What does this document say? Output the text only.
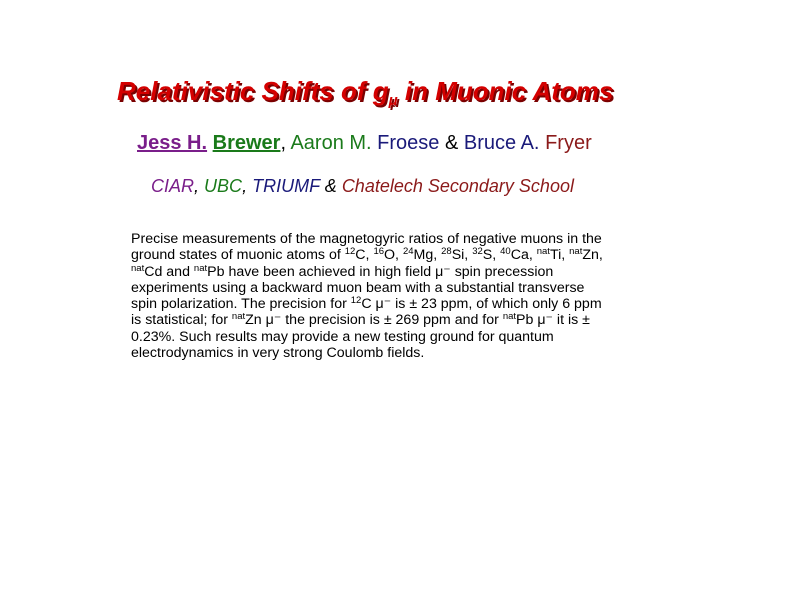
Relativistic Shifts of $g_\mu$ in Muonic Atoms
Jess H. Brewer, Aaron M. Froese & Bruce A. Fryer
CIAR, UBC, TRIUMF & Chatelech Secondary School

Precise measurements of the magnetogyric ratios of negative muons in the

ground states of muonic atoms of $^{12}$C, $^{16}$O, $^{24}$Mg, $^{28}$Si, $^{32}$S, $^{40}$Ca, $^{nat}$Ti, $^{nat}$Zn,

$^{nat}$Cd and $^{nat}$Pb have been achieved in high field μ⁻ spin precession

experiments using a backward muon beam with a substantial transverse

spin polarization. The precision for $^{12}$C μ⁻ is ± 23 ppm, of which only 6 ppm

is statistical; for $^{nat}$Zn μ⁻ the precision is ± 269 ppm and for $^{nat}$Pb μ⁻ it is ±

0.23%. Such results may provide a new testing ground for quantum

electrodynamics in very strong Coulomb fields.
